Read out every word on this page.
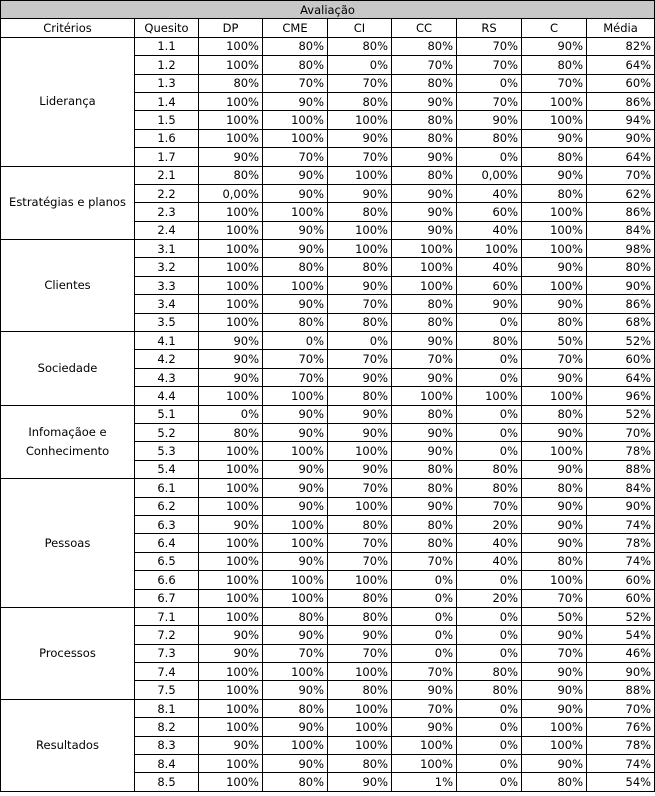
Avaliação								
Critérios	Quesito	DP	CME	CI	CC	RS	C	Média

Liderança	1.1	100%	80%	80%	80%	70%	90%	82%
	1.2	100%	80%	0%	70%	70%	80%	64%
	1.3	80%	70%	70%	80%	0%	70%	60%
	1.4	100%	90%	80%	90%	70%	100%	86%
	1.5	100%	100%	100%	80%	90%	100%	94%
	1.6	100%	100%	90%	80%	80%	90%	90%
	1.7	90%	70%	70%	90%	0%	80%	64%

Estratégias e planos	2.1	80%	90%	100%	80%	0,00%	90%	70%
	2.2	0,00%	90%	90%	90%	40%	80%	62%
	2.3	100%	100%	80%	90%	60%	100%	86%
	2.4	100%	90%	100%	90%	40%	100%	84%

Clientes	3.1	100%	90%	100%	100%	100%	100%	98%
	3.2	100%	80%	80%	100%	40%	90%	80%
	3.3	100%	100%	90%	100%	60%	100%	90%
	3.4	100%	90%	70%	80%	90%	90%	86%
	3.5	100%	80%	80%	80%	0%	80%	68%

Sociedade	4.1	90%	0%	0%	90%	80%	50%	52%
	4.2	90%	70%	70%	70%	0%	70%	60%
	4.3	90%	70%	90%	90%	0%	90%	64%
	4.4	100%	100%	80%	100%	100%	100%	96%

Infomaçãoe e
Conhecimento	5.1	0%	90%	90%	80%	0%	80%	52%
	5.2	80%	90%	90%	90%	0%	90%	70%
	5.3	100%	100%	100%	90%	0%	100%	78%
	5.4	100%	90%	90%	80%	80%	90%	88%

Pessoas	6.1	100%	90%	70%	80%	80%	80%	84%
	6.2	100%	90%	100%	90%	70%	90%	90%
	6.3	90%	100%	80%	80%	20%	90%	74%
	6.4	100%	100%	70%	80%	40%	90%	78%
	6.5	100%	90%	70%	70%	40%	80%	74%
	6.6	100%	100%	100%	0%	0%	100%	60%
	6.7	100%	100%	80%	0%	20%	70%	60%

Processos	7.1	100%	80%	80%	0%	0%	50%	52%
	7.2	90%	90%	90%	0%	0%	90%	54%
	7.3	90%	70%	70%	0%	0%	70%	46%
	7.4	100%	100%	100%	70%	80%	90%	90%
	7.5	100%	90%	80%	90%	80%	90%	88%

Resultados	8.1	100%	80%	100%	70%	0%	90%	70%
	8.2	100%	90%	100%	90%	0%	100%	76%
	8.3	90%	100%	100%	100%	0%	100%	78%
	8.4	100%	90%	80%	100%	0%	90%	74%
	8.5	100%	80%	90%	1%	0%	80%	54%
